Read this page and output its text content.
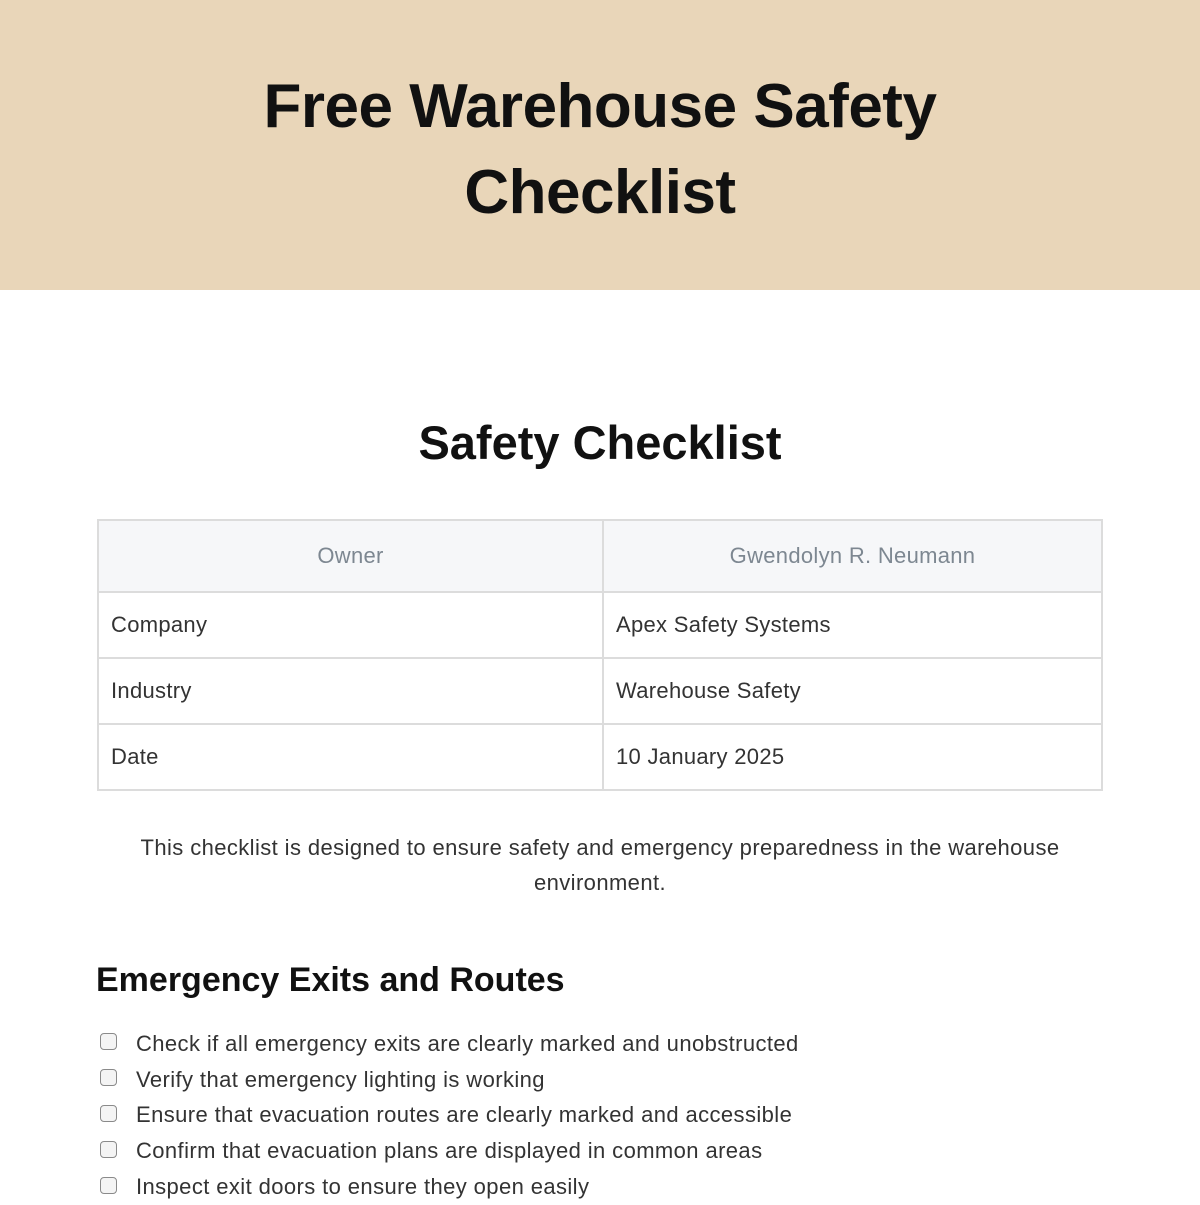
Free Warehouse Safety Checklist
Safety Checklist
Owner	Gwendolyn R. Neumann
Company	Apex Safety Systems
Industry	Warehouse Safety
Date	10 January 2025

This checklist is designed to ensure safety and emergency preparedness in the warehouse environment.

Emergency Exits and Routes
Check if all emergency exits are clearly marked and unobstructed
Verify that emergency lighting is working
Ensure that evacuation routes are clearly marked and accessible
Confirm that evacuation plans are displayed in common areas
Inspect exit doors to ensure they open easily
